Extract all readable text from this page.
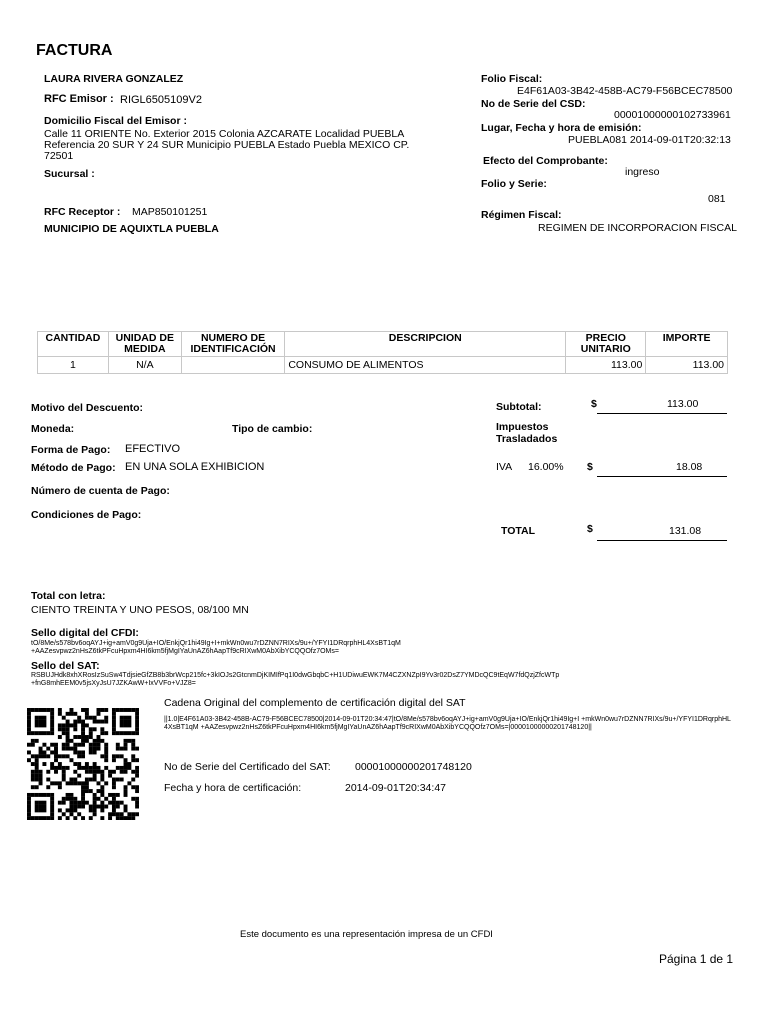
FACTURA
LAURA RIVERA GONZALEZ
RFC Emisor : RIGL6505109V2
Domicilio Fiscal del Emisor :
Calle 11 ORIENTE No. Exterior 2015 Colonia AZCARATE Localidad PUEBLA Referencia 20 SUR Y 24 SUR Municipio PUEBLA Estado Puebla MEXICO CP. 72501
Sucursal :
RFC Receptor : MAP850101251
MUNICIPIO DE AQUIXTLA PUEBLA
Folio Fiscal:
E4F61A03-3B42-458B-AC79-F56BCEC78500
No de Serie del CSD:
00001000000102733961
Lugar, Fecha y hora de emisión:
PUEBLA081 2014-09-01T20:32:13
Efecto del Comprobante:
ingreso
Folio y Serie:
081
Régimen Fiscal:
REGIMEN DE INCORPORACION FISCAL
CANTIDAD	UNIDAD DE MEDIDA	NUMERO DE IDENTIFICACIÓN	DESCRIPCION	PRECIO UNITARIO	IMPORTE
1	N/A		CONSUMO DE ALIMENTOS	113.00	113.00
Motivo del Descuento:
Moneda:	Tipo de cambio:
Forma de Pago: EFECTIVO
Método de Pago: EN UNA SOLA EXHIBICION
Número de cuenta de Pago:
Condiciones de Pago:
Subtotal:	$	113.00
Impuestos Trasladados
IVA 16.00% $	18.08
TOTAL	$	131.08
Total con letra:
CIENTO TREINTA Y UNO PESOS, 08/100 MN
Sello digital del CFDI:
tO/8Me/s578bv6oqAYJ+ig+amV0g9Uja+IO/EnkjQr1hi49Ig+I+mkWn0wu7rDZNN7RIXs/9u+/YFYI1DRqrphHL4XsBT1qM +AAZesvpwz2nHsZ6tkPFcuHpxm4HI6km5fjMgIYaUnAZ6hAapTf9cRIXwM0AbXibYCQQOfz7OMs=
Sello del SAT:
RSBUJHdk8xhXRosIzSuSw4TdjsieGfZB8b3brWcp215fc+3kIOJs2GtcnmDjKIMIfPq1I0dwGbqbC+H1UDiwuEWK7M4CZXNZpI9Yv3r02DsZ7YMDcQC9tEqW7fdQzjZfcWTp +fnG8mhEEM0v5jsXyJsU7JZKAwW+IxVVFo+VJZ8=
Cadena Original del complemento de certificación digital del SAT
||1.0|E4F61A03-3B42-458B-AC79-F56BCEC78500|2014-09-01T20:34:47|tO/8Me/s578bv6oqAYJ+ig+amV0g9Uja+IO/EnkjQr1hi49Ig+I +mkWn0wu7rDZNN7RIXs/9u+/YFYI1DRqrphHL4XsBT1qM +AAZesvpwz2nHsZ6tkPFcuHpxm4HI6km5fjMgIYaUnAZ6hAapTf9cRIXwM0AbXibYCQQOfz7OMs=|00001000000201748120||
No de Serie del Certificado del SAT: 00001000000201748120
Fecha y hora de certificación:	2014-09-01T20:34:47
Este documento es una representación impresa de un CFDI
Página 1 de 1
